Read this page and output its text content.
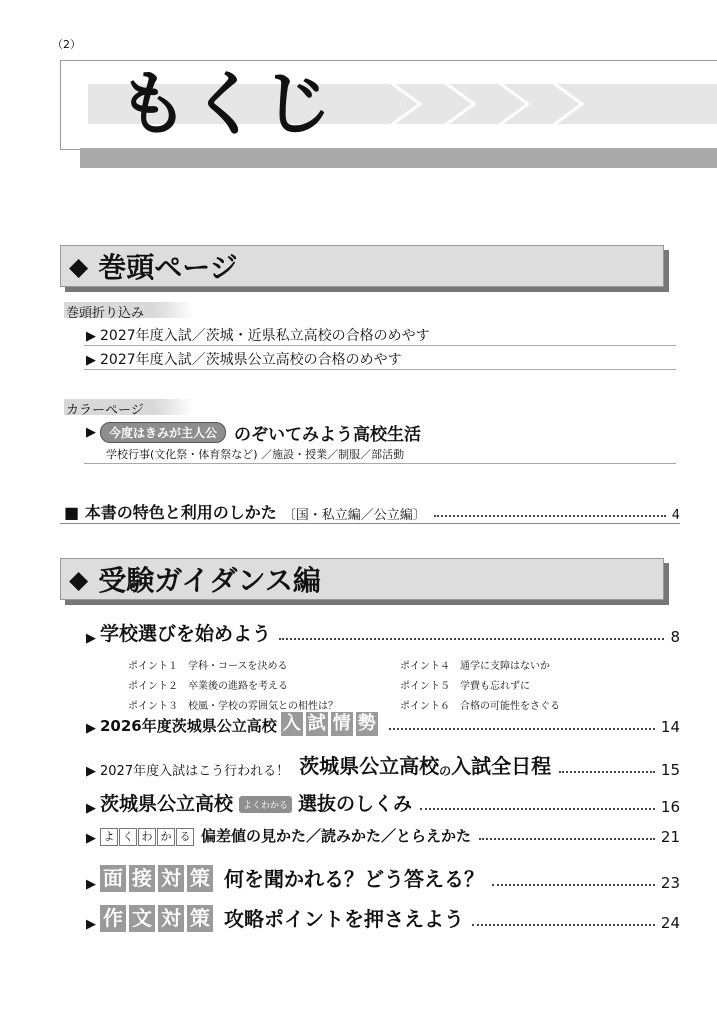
（2）
もくじ
◆ 巻頭ページ
巻頭折り込み
▶ 2027年度入試／茨城・近県私立高校の合格のめやす
▶ 2027年度入試／茨城県公立高校の合格のめやす
カラーページ
▶	今度はきみが主人公	のぞいてみよう高校生活
学校行事(文化祭・体育祭など) ／施設・授業／制服／部活動
■ 本書の特色と利用のしかた 〔国・私立編／公立編〕	4
◆ 受験ガイダンス編
▶ 学校選びを始めよう	8
ポイント１　学科・コースを決める
ポイント２　卒業後の進路を考える
ポイント３　校風・学校の雰囲気との相性は？
ポイント４　通学に支障はないか
ポイント５　学費も忘れずに
ポイント６　合格の可能性をさぐる
▶ 2026年度茨城県公立高校 入 試 情 勢	14
▶ 2027年度入試はこう行われる！ 茨城県公立高校 の 入試全日程	15
▶ 茨城県公立高校	よくわかる 選抜のしくみ	16
▶ よ く わ か る 偏差値の見かた／読みかた／とらえかた	21
▶ 面 接 対 策 何を聞かれる？どう答える？	23
▶ 作 文 対 策 攻略ポイントを押さえよう	24
